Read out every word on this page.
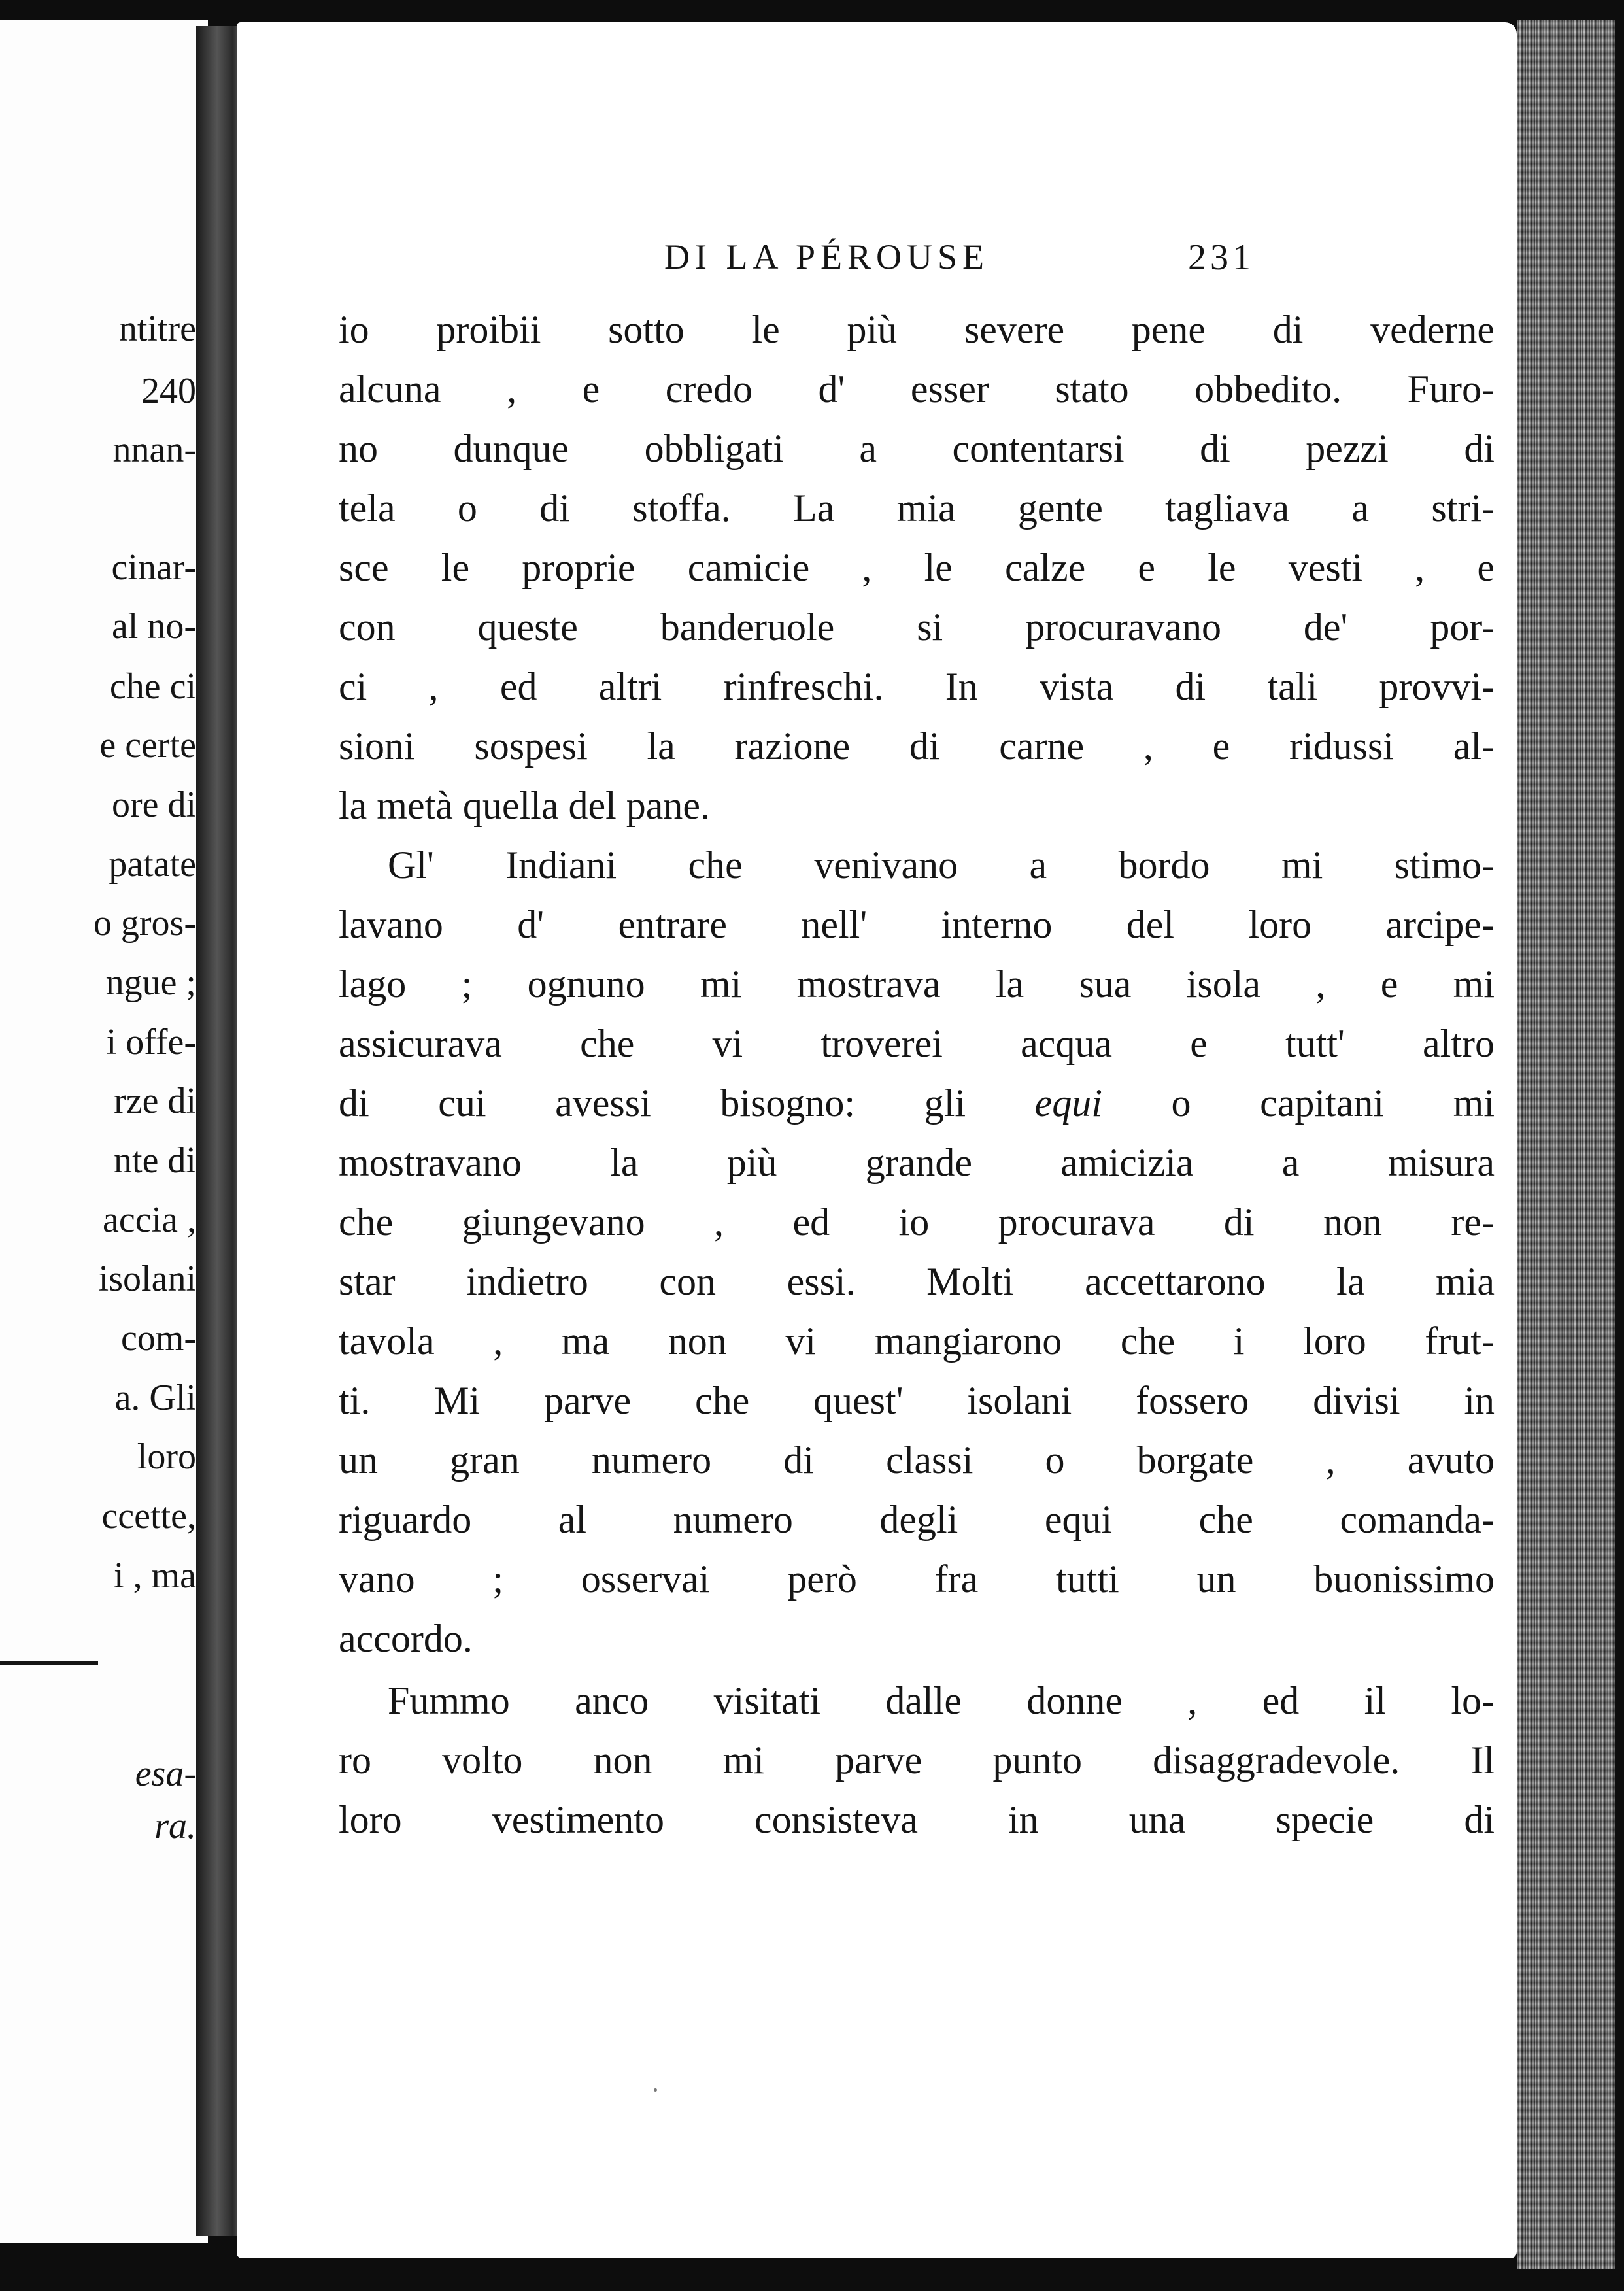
ntitre
240
nnan-
cinar-
al no-
che ci
e certe
ore di
patate
o gros-
ngue ;
i offe-
rze di
nte di
accia ,
isolani
com-
a. Gli
loro
ccette,
i , ma
esa-
ra.
DI LA PÉROUSE	231
io proibii sotto le più severe pene di vederne
alcuna , e credo d' esser stato obbedito. Furo-
no dunque obbligati a contentarsi di pezzi di
tela o di stoffa. La mia gente tagliava a stri-
sce le proprie camicie , le calze e le vesti , e
con queste banderuole si procuravano de' por-
ci , ed altri rinfreschi. In vista di tali provvi-
sioni sospesi la razione di carne , e ridussi al-
la metà quella del pane.
Gl' Indiani che venivano a bordo mi stimo-
lavano d' entrare nell' interno del loro arcipe-
lago ; ognuno mi mostrava la sua isola , e mi
assicurava che vi troverei acqua e tutt' altro
di cui avessi bisogno: gli equi o capitani mi
mostravano la più grande amicizia a misura
che giungevano , ed io procurava di non re-
star indietro con essi. Molti accettarono la mia
tavola , ma non vi mangiarono che i loro frut-
ti. Mi parve che quest' isolani fossero divisi in
un gran numero di classi o borgate , avuto
riguardo al numero degli equi che comanda-
vano ; osservai però fra tutti un buonissimo
accordo.
Fummo anco visitati dalle donne , ed il lo-
ro volto non mi parve punto disaggradevole. Il
loro vestimento consisteva in una specie di
